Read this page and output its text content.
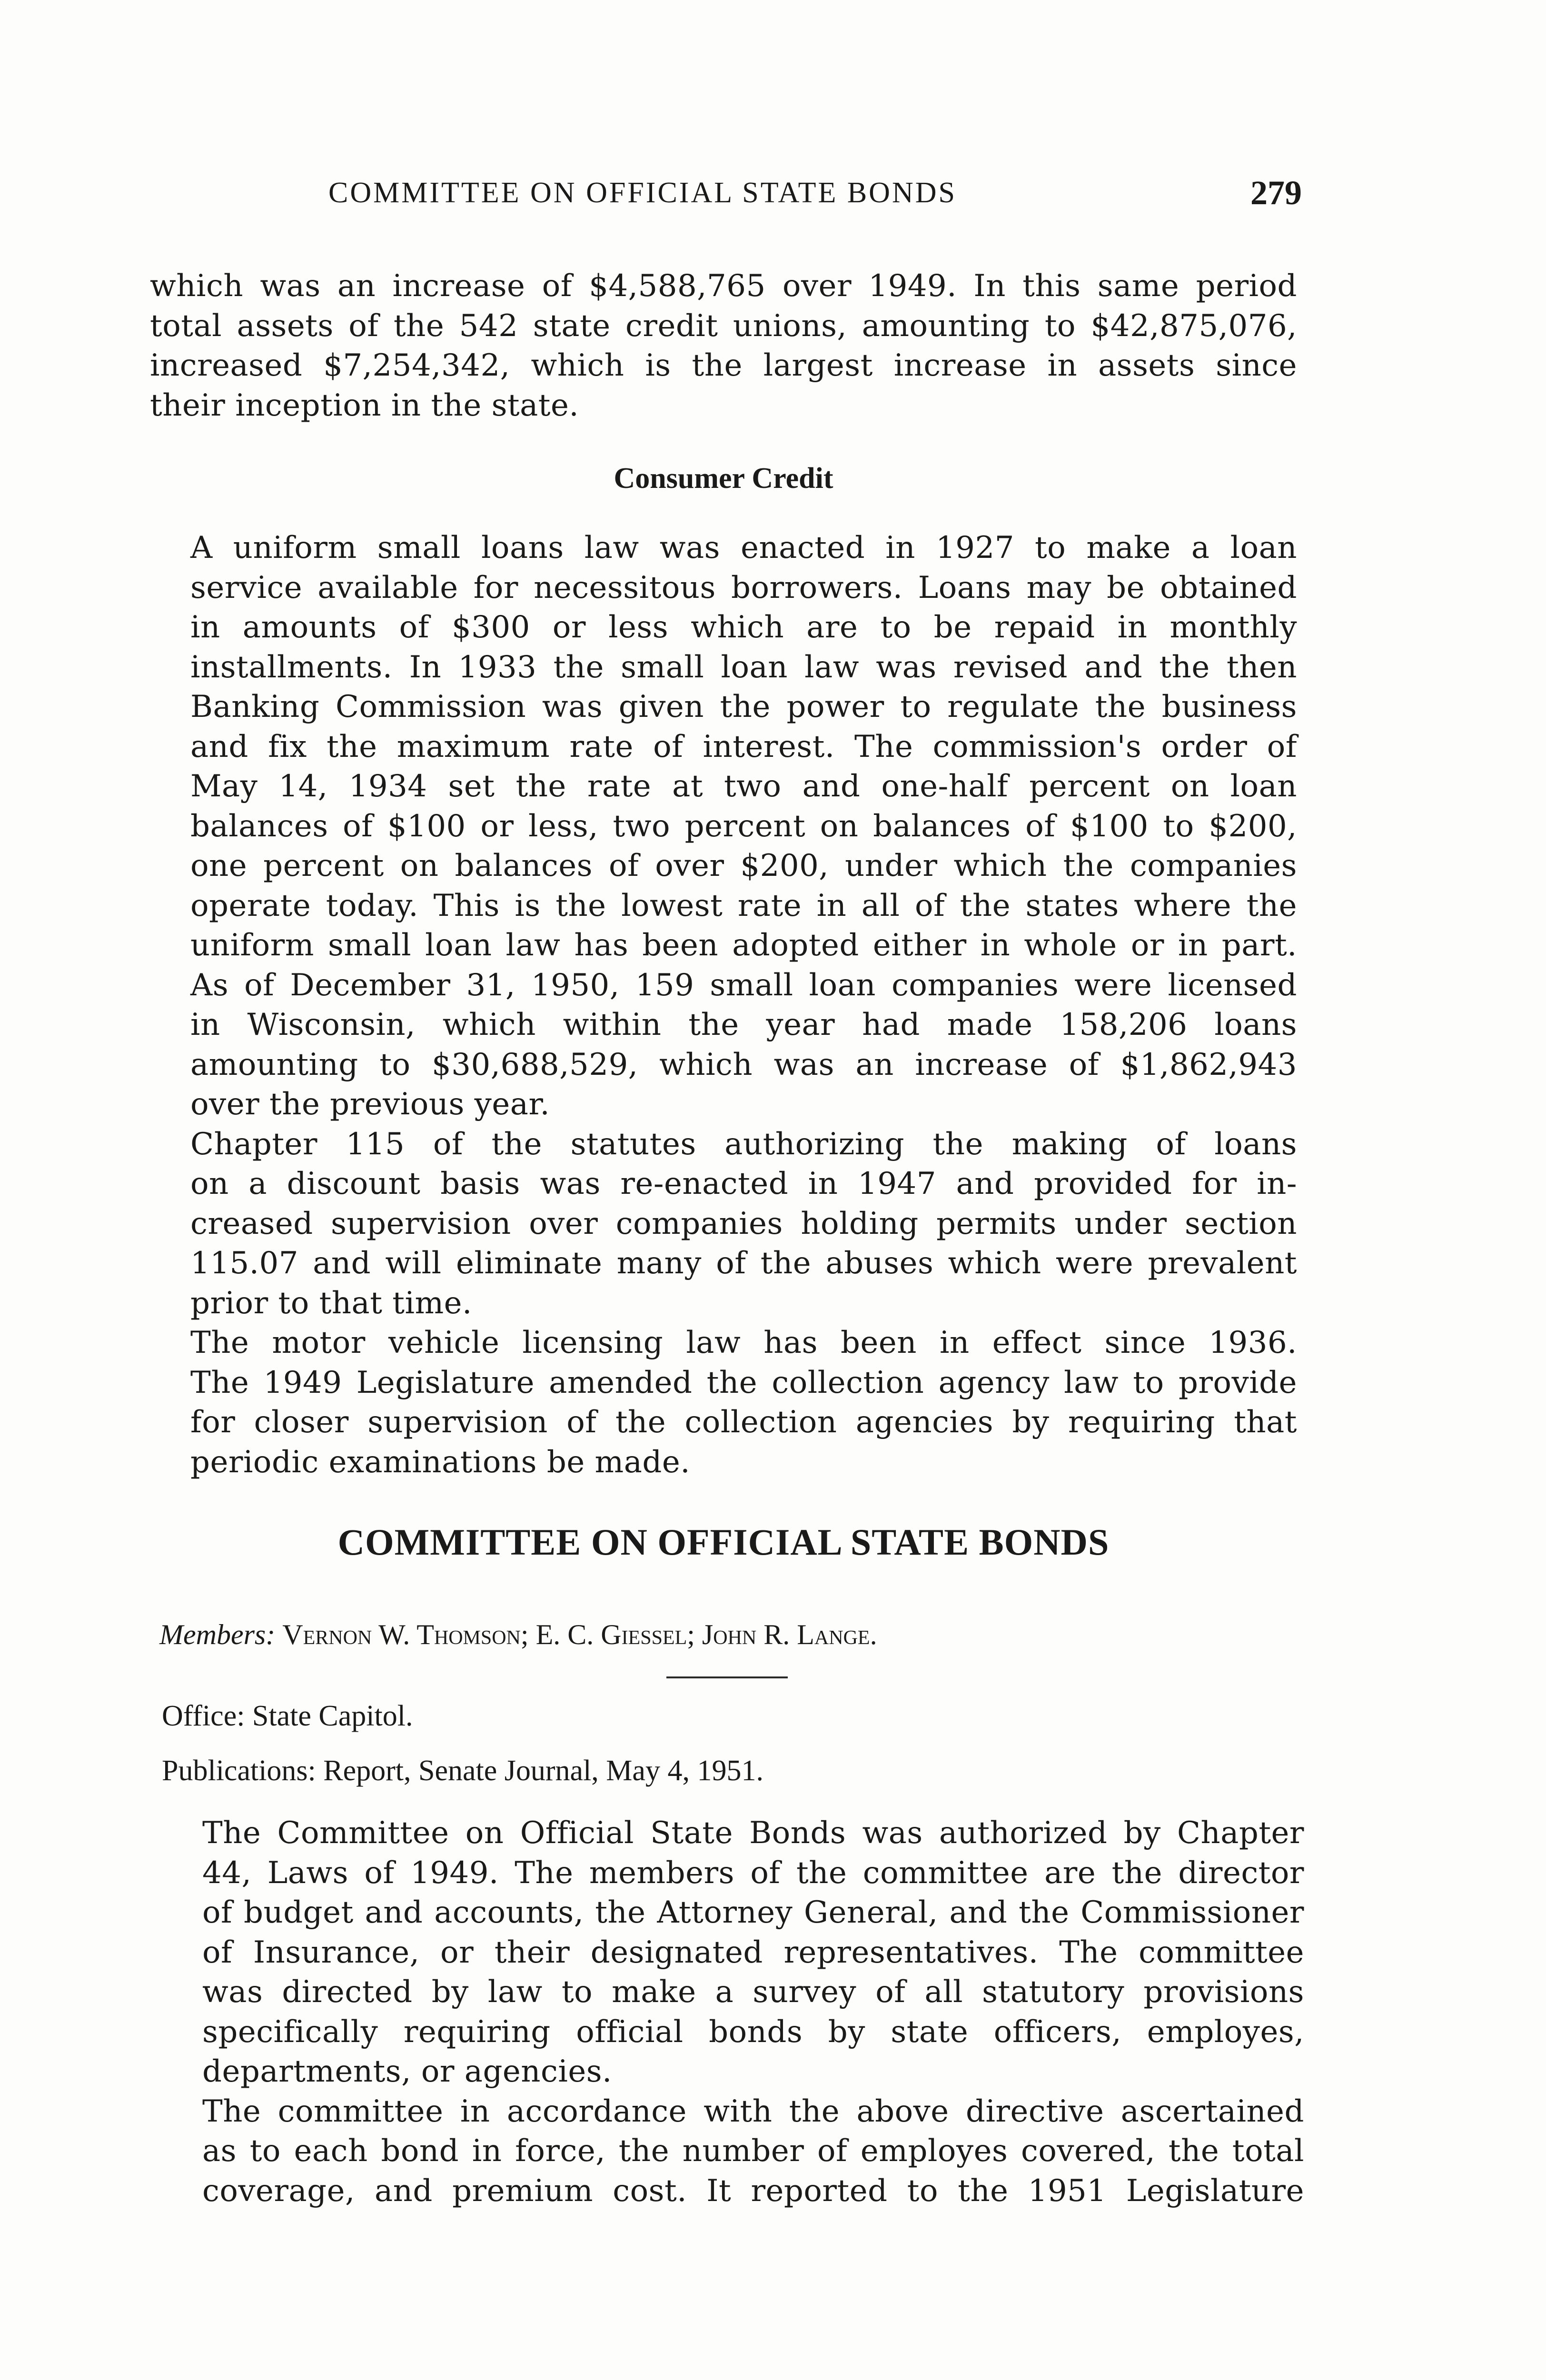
COMMITTEE ON OFFICIAL STATE BONDS	279

which was an increase of $4,588,765 over 1949. In this same period
total assets of the 542 state credit unions, amounting to $42,875,076,
increased $7,254,342, which is the largest increase in assets since
their inception in the state.

Consumer Credit

A uniform small loans law was enacted in 1927 to make a loan
service available for necessitous borrowers. Loans may be obtained
in amounts of $300 or less which are to be repaid in monthly
installments. In 1933 the small loan law was revised and the then
Banking Commission was given the power to regulate the business
and fix the maximum rate of interest. The commission's order of
May 14, 1934 set the rate at two and one-half percent on loan
balances of $100 or less, two percent on balances of $100 to $200,
one percent on balances of over $200, under which the companies
operate today. This is the lowest rate in all of the states where the
uniform small loan law has been adopted either in whole or in part.
As of December 31, 1950, 159 small loan companies were licensed
in Wisconsin, which within the year had made 158,206 loans
amounting to $30,688,529, which was an increase of $1,862,943
over the previous year.

Chapter 115 of the statutes authorizing the making of loans
on a discount basis was re-enacted in 1947 and provided for in-
creased supervision over companies holding permits under section
115.07 and will eliminate many of the abuses which were prevalent
prior to that time.

The motor vehicle licensing law has been in effect since 1936.
The 1949 Legislature amended the collection agency law to provide
for closer supervision of the collection agencies by requiring that
periodic examinations be made.

COMMITTEE ON OFFICIAL STATE BONDS
Members: Vernon W. Thomson; E. C. Giessel; John R. Lange.
Office: State Capitol.
Publications: Report, Senate Journal, May 4, 1951.

The Committee on Official State Bonds was authorized by Chapter
44, Laws of 1949. The members of the committee are the director
of budget and accounts, the Attorney General, and the Commissioner
of Insurance, or their designated representatives. The committee
was directed by law to make a survey of all statutory provisions
specifically requiring official bonds by state officers, employes,
departments, or agencies.

The committee in accordance with the above directive ascertained
as to each bond in force, the number of employes covered, the total
coverage, and premium cost. It reported to the 1951 Legislature
